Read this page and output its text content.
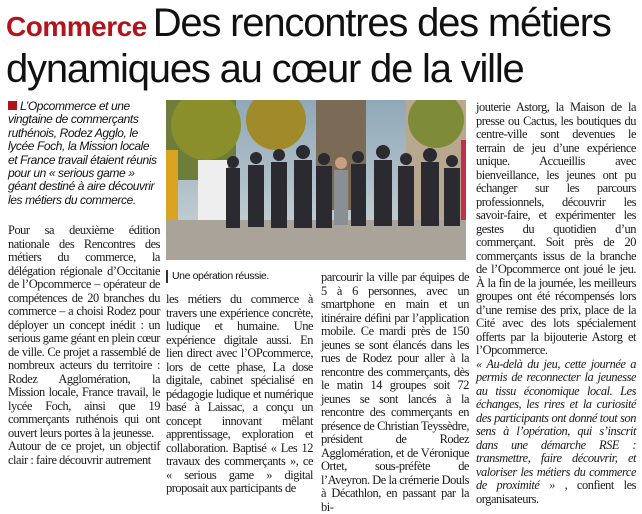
Commerce Des rencontres des métiers dynamiques au cœur de la ville
L’Opcommerce et une vingtaine de commerçants ruthénois, Rodez Agglo, le lycée Foch, la Mission locale et France travail étaient réunis pour un « serious game » géant destiné à aire découvrir les métiers du commerce.

Pour sa deuxième édition nationale des Rencontres des métiers du commerce, la délégation régionale d’Occitanie de l’Opcommerce – opérateur de compétences de 20 branches du commerce – a choisi Rodez pour déployer un concept inédit : un serious game géant en plein cœur de ville. Ce projet a rassemblé de nombreux acteurs du territoire : Rodez Agglomération, la Mission locale, France travail, le lycée Foch, ainsi que 19 commerçants ruthénois qui ont ouvert leurs portes à la jeunesse.

Autour de ce projet, un objectif clair : faire découvrir autrement

Une opération réussie.

les métiers du commerce à travers une expérience concrète, ludique et humaine. Une expérience digitale aussi. En lien direct avec l’OPcommerce, lors de cette phase, La dose digitale, cabinet spécialisé en pédagogie ludique et numérique basé à Laissac, a conçu un concept innovant mêlant apprentissage, exploration et collaboration. Baptisé « Les 12 travaux des commerçants », ce « serious game » digital proposait aux participants de

parcourir la ville par équipes de 5 à 6 personnes, avec un smartphone en main et un itinéraire défini par l’application mobile. Ce mardi près de 150 jeunes se sont élancés dans les rues de Rodez pour aller à la rencontre des commerçants, dès le matin 14 groupes soit 72 jeunes se sont lancés à la rencontre des commerçants en présence de Christian Teyssèdre, président de Rodez Agglomération, et de Véronique Ortet, sous-préfète de l’Aveyron. De la crémerie Douls à Décathlon, en passant par la bi-

jouterie Astorg, la Maison de la presse ou Cactus, les boutiques du centre-ville sont devenues le terrain de jeu d’une expérience unique. Accueillis avec bienveillance, les jeunes ont pu échanger sur les parcours professionnels, découvrir les savoir-faire, et expérimenter les gestes du quotidien d’un commerçant. Soit près de 20 commerçants issus de la branche de l’Opcommerce ont joué le jeu. À la fin de la journée, les meilleurs groupes ont été récompensés lors d’une remise des prix, place de la Cité avec des lots spécialement offerts par la bijouterie Astorg et l’Opcommerce.

« Au-delà du jeu, cette journée a permis de reconnecter la jeunesse au tissu économique local. Les échanges, les rires et la curiosité des participants ont donné tout son sens à l’opération, qui s’inscrit dans une démarche RSE : transmettre, faire découvrir, et valoriser les métiers du commerce de proximité » , confient les organisateurs.
